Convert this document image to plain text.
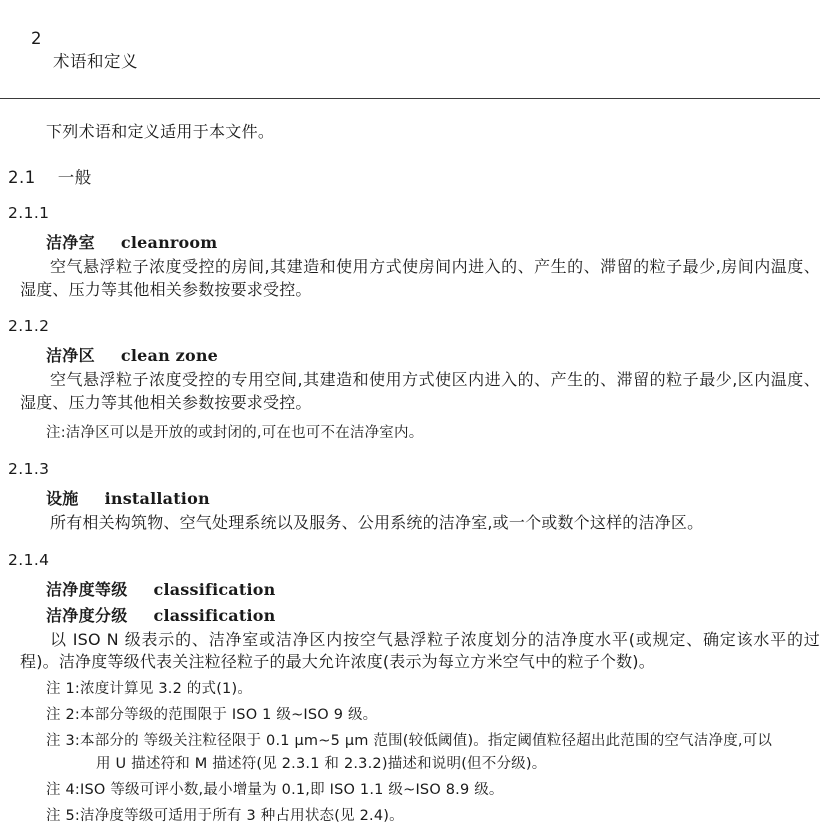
2
术语和定义

下列术语和定义适用于本文件。
2.1 一般
2.1.1
洁净室 cleanroom
空气悬浮粒子浓度受控的房间,其建造和使用方式使房间内进入的、产生的、滞留的粒子最少,房间内温度、湿度、压力等其他相关参数按要求受控。
2.1.2
洁净区 clean zone
空气悬浮粒子浓度受控的专用空间,其建造和使用方式使区内进入的、产生的、滞留的粒子最少,区内温度、湿度、压力等其他相关参数按要求受控。
注:洁净区可以是开放的或封闭的,可在也可不在洁净室内。
2.1.3
设施 installation
所有相关构筑物、空气处理系统以及服务、公用系统的洁净室,或一个或数个这样的洁净区。
2.1.4
洁净度等级 classification
洁净度分级 classification
以 ISO N 级表示的、洁净室或洁净区内按空气悬浮粒子浓度划分的洁净度水平(或规定、确定该水平的过程)。洁净度等级代表关注粒径粒子的最大允许浓度(表示为每立方米空气中的粒子个数)。
注 1:浓度计算见 3.2 的式(1)。
注 2:本部分等级的范围限于 ISO 1 级~ISO 9 级。
注 3:本部分的 等级关注粒径限于 0.1 μm~5 μm 范围(较低阈值)。指定阈值粒径超出此范围的空气洁净度,可以
用 U 描述符和 M 描述符(见 2.3.1 和 2.3.2)描述和说明(但不分级)。
注 4:ISO 等级可评小数,最小增量为 0.1,即 ISO 1.1 级~ISO 8.9 级。
注 5:洁净度等级可适用于所有 3 种占用状态(见 2.4)。
